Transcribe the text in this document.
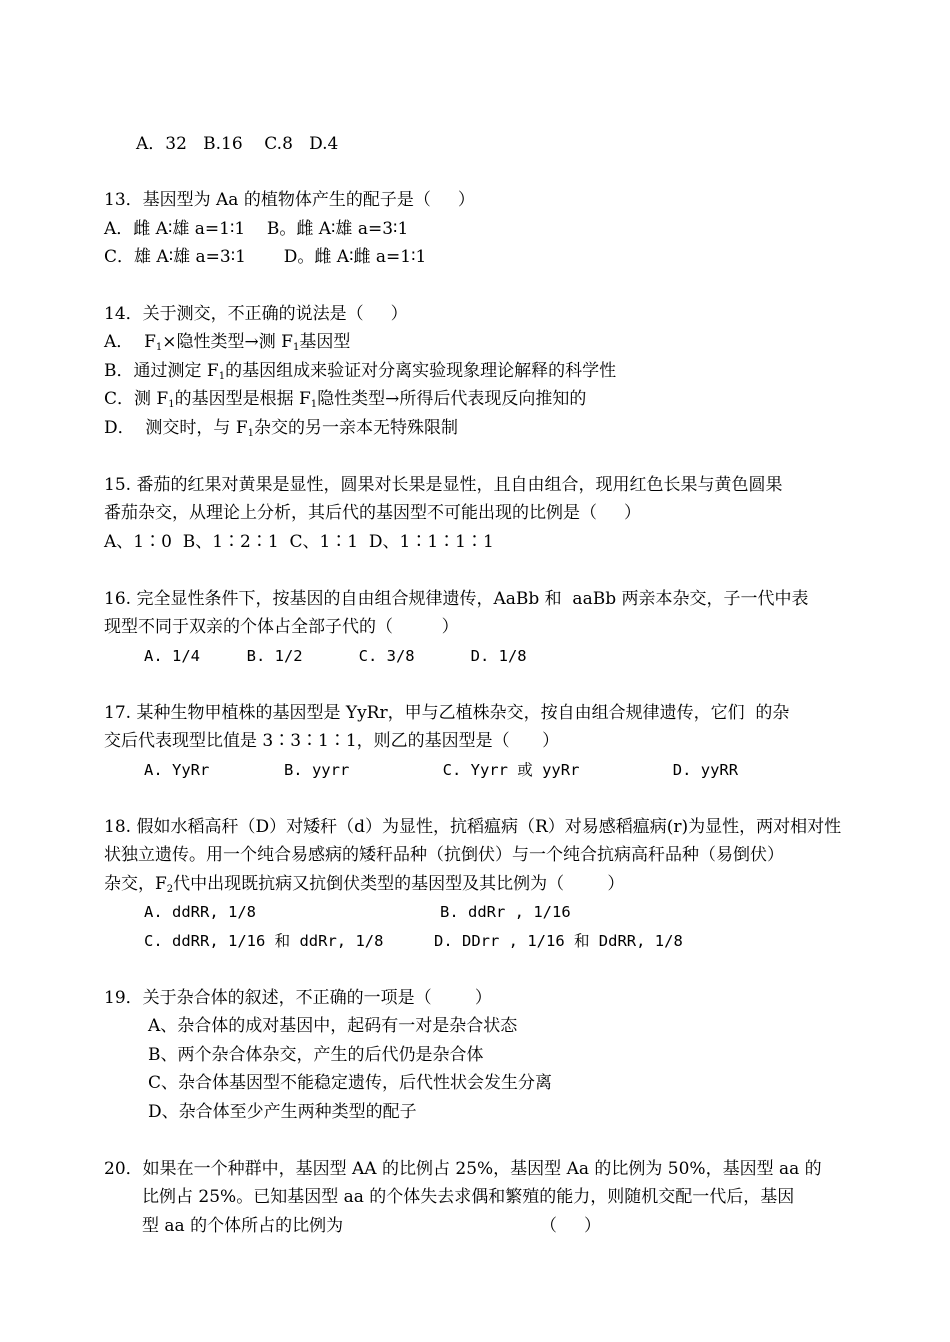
A．32   B.16    C.8   D.4
13．基因型为 Aa 的植物体产生的配子是（     ）
A．雌 A∶雄 a=1∶1    B。雌 A∶雄 a=3∶1
C．雄 A∶雄 a=3∶1       D。雌 A∶雌 a=1∶1
14．关于测交，不正确的说法是（     ）
A．  $F_1\times$隐性类型→测 $F_1$基因型
B．通过测定 $F_1$的基因组成来验证对分离实验现象理论解释的科学性
C．测 $F_1$的基因型是根据 $F_1$隐性类型→所得后代表现反向推知的
D．  测交时，与 $F_1$杂交的另一亲本无特殊限制
15. 番茄的红果对黄果是显性，圆果对长果是显性，且自由组合，现用红色长果与黄色圆果
番茄杂交，从理论上分析，其后代的基因型不可能出现的比例是（     ）
A、1∶0  B、1∶2∶1  C、1∶1  D、1∶1∶1∶1
16. 完全显性条件下，按基因的自由组合规律遗传，AaBb 和  aaBb 两亲本杂交，子一代中表
现型不同于双亲的个体占全部子代的（         ）
A. 1/4     B. 1/2      C. 3/8      D. 1/8
17. 某种生物甲植株的基因型是 YyRr，甲与乙植株杂交，按自由组合规律遗传，它们  的杂
交后代表现型比值是 3∶3∶1∶1，则乙的基因型是（      ）
A. YyRr        B. yyrr          C. Yyrr 或 yyRr          D. yyRR
18. 假如水稻高秆（D）对矮秆（d）为显性，抗稻瘟病（R）对易感稻瘟病(r)为显性，两对相对性
状独立遗传。用一个纯合易感病的矮秆品种（抗倒伏）与一个纯合抗病高秆品种（易倒伏）
杂交，$F_2$代中出现既抗病又抗倒伏类型的基因型及其比例为（        ）
A. ddRR, 1/8	B. ddRr , 1/16
C. ddRR, 1/16 和 ddRr, 1/8	D. DDrr , 1/16 和 DdRR, 1/8
19．关于杂合体的叙述，不正确的一项是（        ）
A、杂合体的成对基因中，起码有一对是杂合状态
B、两个杂合体杂交，产生的后代仍是杂合体
C、杂合体基因型不能稳定遗传，后代性状会发生分离
D、杂合体至少产生两种类型的配子
20．如果在一个种群中，基因型 AA 的比例占 25%，基因型 Aa 的比例为 50%，基因型 aa 的
比例占 25%。已知基因型 aa 的个体失去求偶和繁殖的能力，则随机交配一代后，基因
型 aa 的个体所占的比例为	（     ）
